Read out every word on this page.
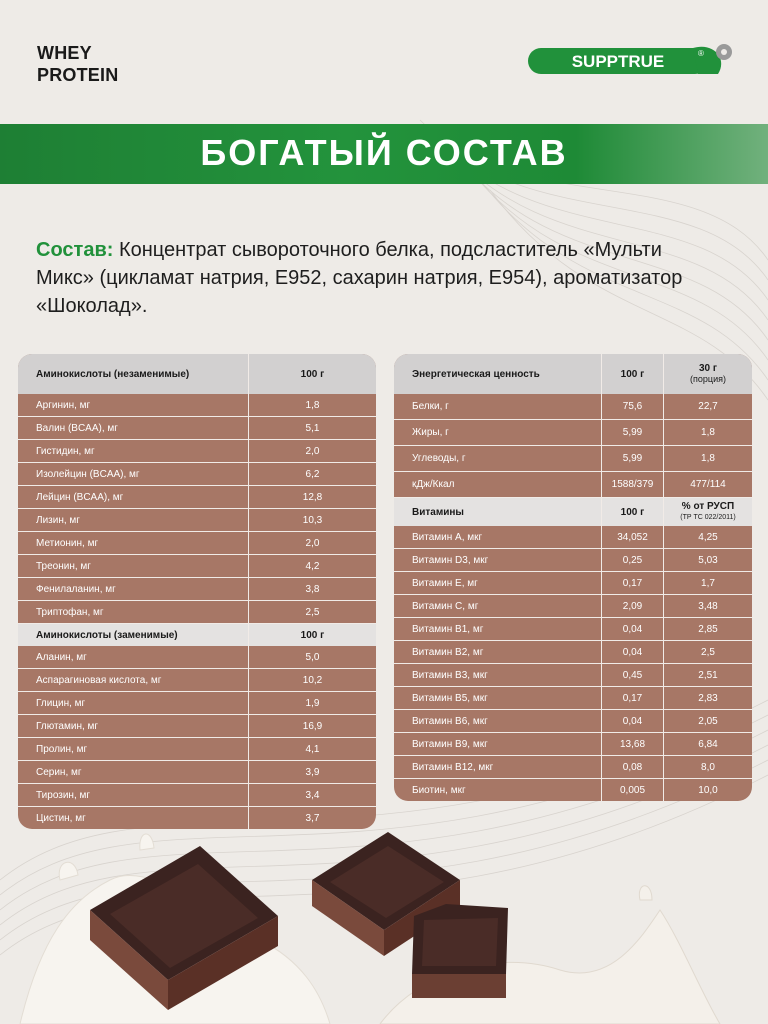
WHEY
PROTEIN
SUPPTRUE	®
БОГАТЫЙ СОСТАВ
Состав: Концентрат сывороточного белка, подсластитель «Мульти Микс» (цикламат натрия, Е952, сахарин натрия, Е954), ароматизатор «Шоколад».
Аминокислоты (незаменимые)	100 г
Аргинин, мг	1,8
Валин (BCAA), мг	5,1
Гистидин, мг	2,0
Изолейцин (BCAA), мг	6,2
Лейцин (BCAA), мг	12,8
Лизин, мг	10,3
Метионин, мг	2,0
Треонин, мг	4,2
Фенилаланин, мг	3,8
Триптофан, мг	2,5
Аминокислоты (заменимые)	100 г
Аланин, мг	5,0
Аспарагиновая кислота, мг	10,2
Глицин, мг	1,9
Глютамин, мг	16,9
Пролин, мг	4,1
Серин, мг	3,9
Тирозин, мг	3,4
Цистин, мг	3,7
Энергетическая ценность	100 г	30 г
(порция)
Белки, г	75,6	22,7
Жиры, г	5,99	1,8
Углеводы, г	5,99	1,8
кДж/Ккал	1588/379	477/114
Витамины	100 г	% от РУСП
(ТР ТС 022/2011)
Витамин А, мкг	34,052	4,25
Витамин D3, мкг	0,25	5,03
Витамин Е, мг	0,17	1,7
Витамин С, мг	2,09	3,48
Витамин В1, мг	0,04	2,85
Витамин В2, мг	0,04	2,5
Витамин В3, мкг	0,45	2,51
Витамин В5, мкг	0,17	2,83
Витамин В6, мкг	0,04	2,05
Витамин В9, мкг	13,68	6,84
Витамин В12, мкг	0,08	8,0
Биотин, мкг	0,005	10,0
